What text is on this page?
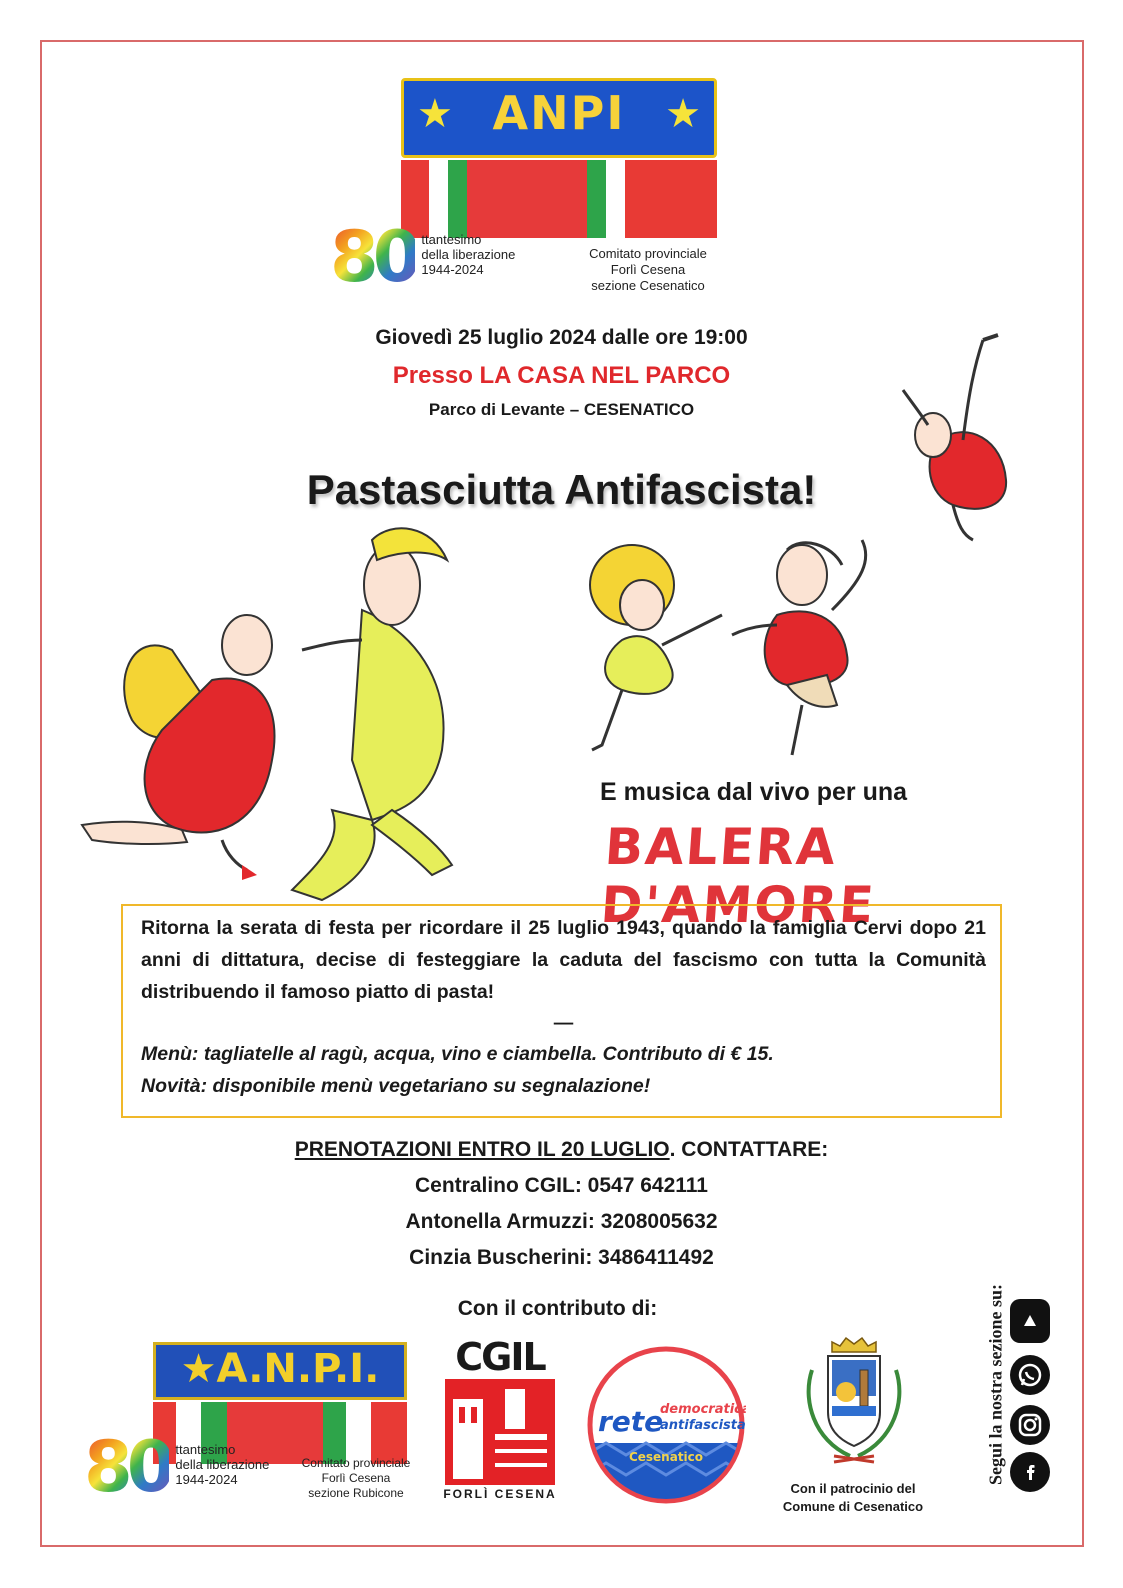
★	★
ANPI
80 ttantesimo
della liberazione
1944-2024
Comitato provinciale
Forlì Cesena
sezione Cesenatico
Giovedì 25 luglio 2024 dalle ore 19:00
Presso LA CASA NEL PARCO
Parco di Levante – CESENATICO
Pastasciutta Antifascista!
E musica dal vivo per una
BALERA D'AMORE
Ritorna la serata di festa per ricordare il 25 luglio 1943, quando la famiglia Cervi dopo 21 anni di dittatura, decise di festeggiare la caduta del fascismo con tutta la Comunità distribuendo il famoso piatto di pasta!
—
Menù: tagliatelle al ragù, acqua, vino e ciambella. Contributo di € 15.
Novità: disponibile menù vegetariano su segnalazione!
PRENOTAZIONI ENTRO IL 20 LUGLIO. CONTATTARE:
Centralino CGIL: 0547 642111
Antonella Armuzzi: 3208005632
Cinzia Buscherini: 3486411492
Con il contributo di:
★A.N.P.I.
80 ttantesimo
della liberazione
1944-2024
Comitato provinciale
Forlì Cesena
sezione Rubicone
CGIL
FORLÌ CESENA
rete
democratica
antifascista
Cesenatico
Con il patrocinio del
Comune di Cesenatico
Segui la nostra sezione su:
